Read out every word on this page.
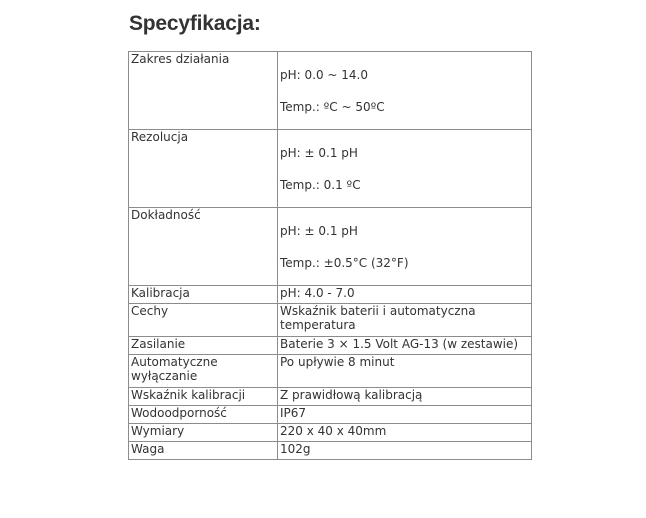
Specyfikacja:
Zakres działania	pH: 0.0 ~ 14.0

Temp.: ºC ~ 50ºC

Rezolucja	pH: ± 0.1 pH

Temp.: 0.1 ºC

Dokładność	pH: ± 0.1 pH

Temp.: ±0.5°C (32°F)

Kalibracja	pH: 4.0 - 7.0
Cechy	Wskaźnik baterii i automatyczna temperatura
Zasilanie	Baterie 3 × 1.5 Volt AG-13 (w zestawie)
Automatyczne wyłączanie	Po upływie 8 minut
Wskaźnik kalibracji	Z prawidłową kalibracją
Wodoodporność	IP67
Wymiary	220 x 40 x 40mm
Waga	102g
